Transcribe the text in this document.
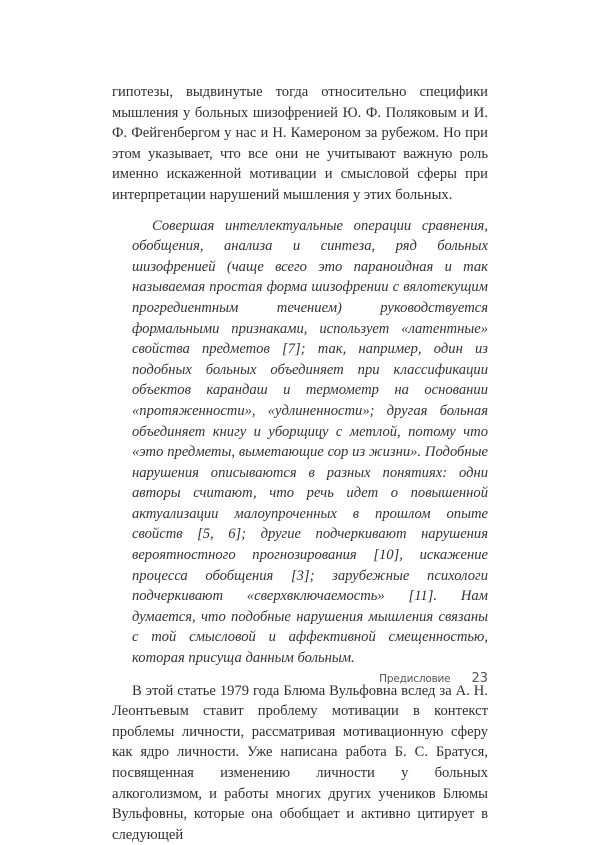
гипотезы, выдвинутые тогда относительно специфики мышления у больных шизофренией Ю. Ф. Поляковым и И. Ф. Фейгенбергом у нас и Н. Камероном за рубежом. Но при этом указывает, что все они не учитывают важную роль именно искаженной мотивации и смысловой сферы при интерпретации нарушений мышления у этих больных.

Совершая интеллектуальные операции сравнения, обобщения, анализа и синтеза, ряд больных шизофренией (чаще всего это параноидная и так называемая простая форма шизофрении с вялотекущим прогредиентным течением) руководствуется формальными признаками, использует «латентные» свойства предметов [7]; так, например, один из подобных больных объединяет при классификации объектов карандаш и термометр на основании «протяженности», «удлиненности»; другая больная объединяет книгу и уборщицу с метлой, потому что «это предметы, выметающие сор из жизни». Подобные нарушения описываются в разных понятиях: одни авторы считают, что речь идет о повышенной актуализации малоупроченных в прошлом опыте свойств [5, 6]; другие подчеркивают нарушения вероятностного прогнозирования [10], искажение процесса обобщения [3]; зарубежные психологи подчеркивают «сверхвключаемость» [11]. Нам думается, что подобные нарушения мышления связаны с той смысловой и аффективной смещенностью, которая присуща данным больным.

В этой статье 1979 года Блюма Вульфовна вслед за А. Н. Леонтьевым ставит проблему мотивации в контекст проблемы личности, рассматривая мотивационную сферу как ядро личности. Уже написана работа Б. С. Братуся, посвященная изменению личности у больных алкоголизмом, и работы многих других учеников Блюмы Вульфовны, которые она обобщает и активно цитирует в следующей

Предисловие 23
